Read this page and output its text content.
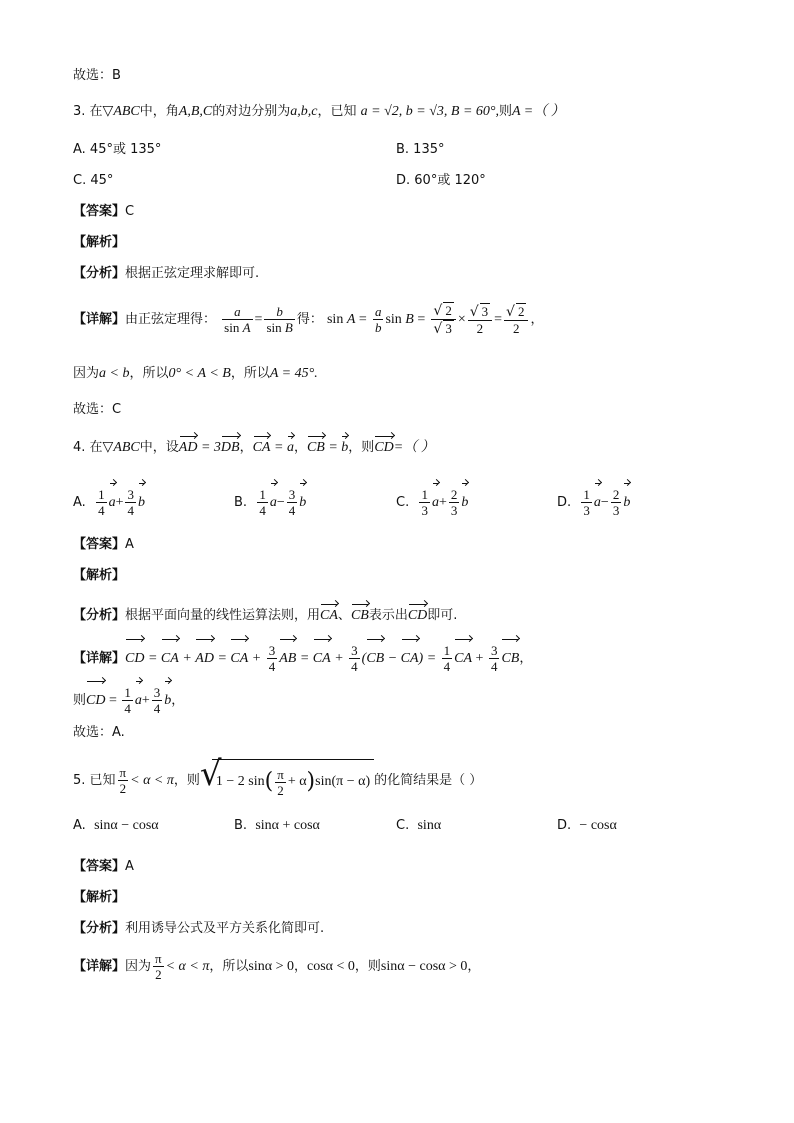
故选：B
3. 在▽ABC中，角A,B,C的对边分别为a,b,c，已知 a = √2, b = √3, B = 60°,则A =（ ）
A. 45°或 135°	B. 135°
C. 45°	D. 60°或 120°
【答案】C
【解析】
【分析】根据正弦定理求解即可.
【详解】由正弦定理得： $\frac{a}{\text{sin A}} = \frac{b}{\text{sin B}}$ 得： $\sin A = \frac{a}{b}$ $\sin B = \frac{√ 2}{√ 3} \times \frac{√ 3}{2} = \frac{√ 2}{2}$ ，
因为a < b，所以0° < A < B，所以A = 45°.
故选：C
4. 在▽ABC中，设AD = 3DB，CA = a，CB = b，则CD=（ ）
A. $\frac{1}{4} a+ \frac{3}{4}$ b	B. $\frac{1}{4} a- \frac{3}{4}$ b	C. $\frac{1}{3} a+ \frac{2}{3}$ b	D. $\frac{1}{3} a- \frac{2}{3}$ b
【答案】A
【解析】
【分析】根据平面向量的线性运算法则，用CA、CB表示出CD即可.
【详解】CD = CA + AD = CA + $\frac{3}{4}$ AB = CA + $\frac{3}{4} (CB - CA) = \frac{1}{4}$ CA + $\frac{3}{4}$ CB，
则CD = $\frac{1}{4} a+ \frac{3}{4}$ b，
故选：A.
5. 已知 $\frac{\pi}{2} < \alpha < \pi$，则 √
1 − 2 $\sin( \frac{\pi}{2} + \alpha)\sin(\pi - \alpha)$ 的化简结果是（ ）
A. sinα − cosα	B. sinα + cosα	C. sinα	D. − cosα
【答案】A
【解析】
【分析】利用诱导公式及平方关系化简即可.
【详解】因为 $\frac{\pi}{2} < \alpha < \pi$，所以sinα > 0，cosα < 0，则sinα − cosα > 0，
